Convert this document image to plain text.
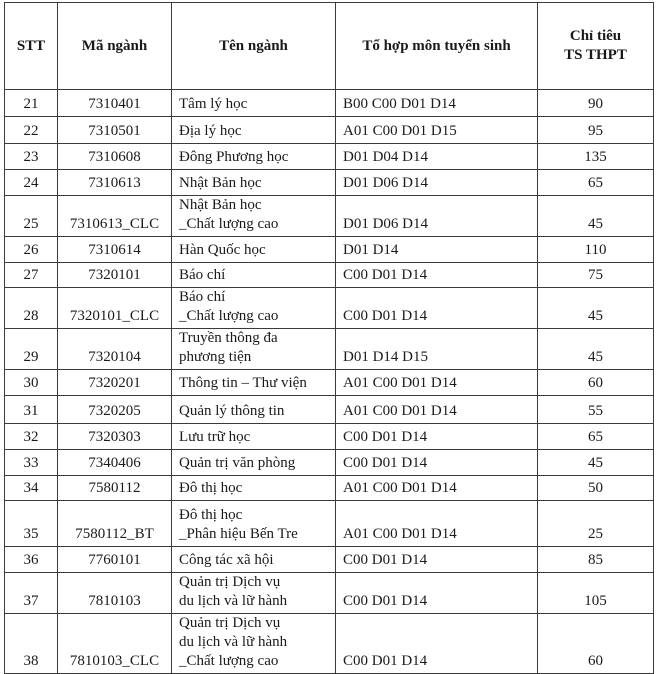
STT	Mã ngành	Tên ngành	Tổ hợp môn tuyển sinh	Chỉ tiêu
TS THPT

21	7310401	Tâm lý học	B00 C00 D01 D14	90
22	7310501	Địa lý học	A01 C00 D01 D15	95
23	7310608	Đông Phương học	D01 D04 D14	135
24	7310613	Nhật Bản học	D01 D06 D14	65
25	7310613_CLC	Nhật Bản học
_Chất lượng cao	D01 D06 D14	45
26	7310614	Hàn Quốc học	D01 D14	110
27	7320101	Báo chí	C00 D01 D14	75
28	7320101_CLC	Báo chí
_Chất lượng cao	C00 D01 D14	45
29	7320104	Truyền thông đa
phương tiện	D01 D14 D15	45
30	7320201	Thông tin – Thư viện	A01 C00 D01 D14	60
31	7320205	Quản lý thông tin	A01 C00 D01 D14	55
32	7320303	Lưu trữ học	C00 D01 D14	65
33	7340406	Quản trị văn phòng	C00 D01 D14	45
34	7580112	Đô thị học	A01 C00 D01 D14	50
35	7580112_BT	Đô thị học
_Phân hiệu Bến Tre	A01 C00 D01 D14	25
36	7760101	Công tác xã hội	C00 D01 D14	85
37	7810103	Quản trị Dịch vụ
du lịch và lữ hành	C00 D01 D14	105
38	7810103_CLC	Quản trị Dịch vụ
du lịch và lữ hành
_Chất lượng cao	C00 D01 D14	60
